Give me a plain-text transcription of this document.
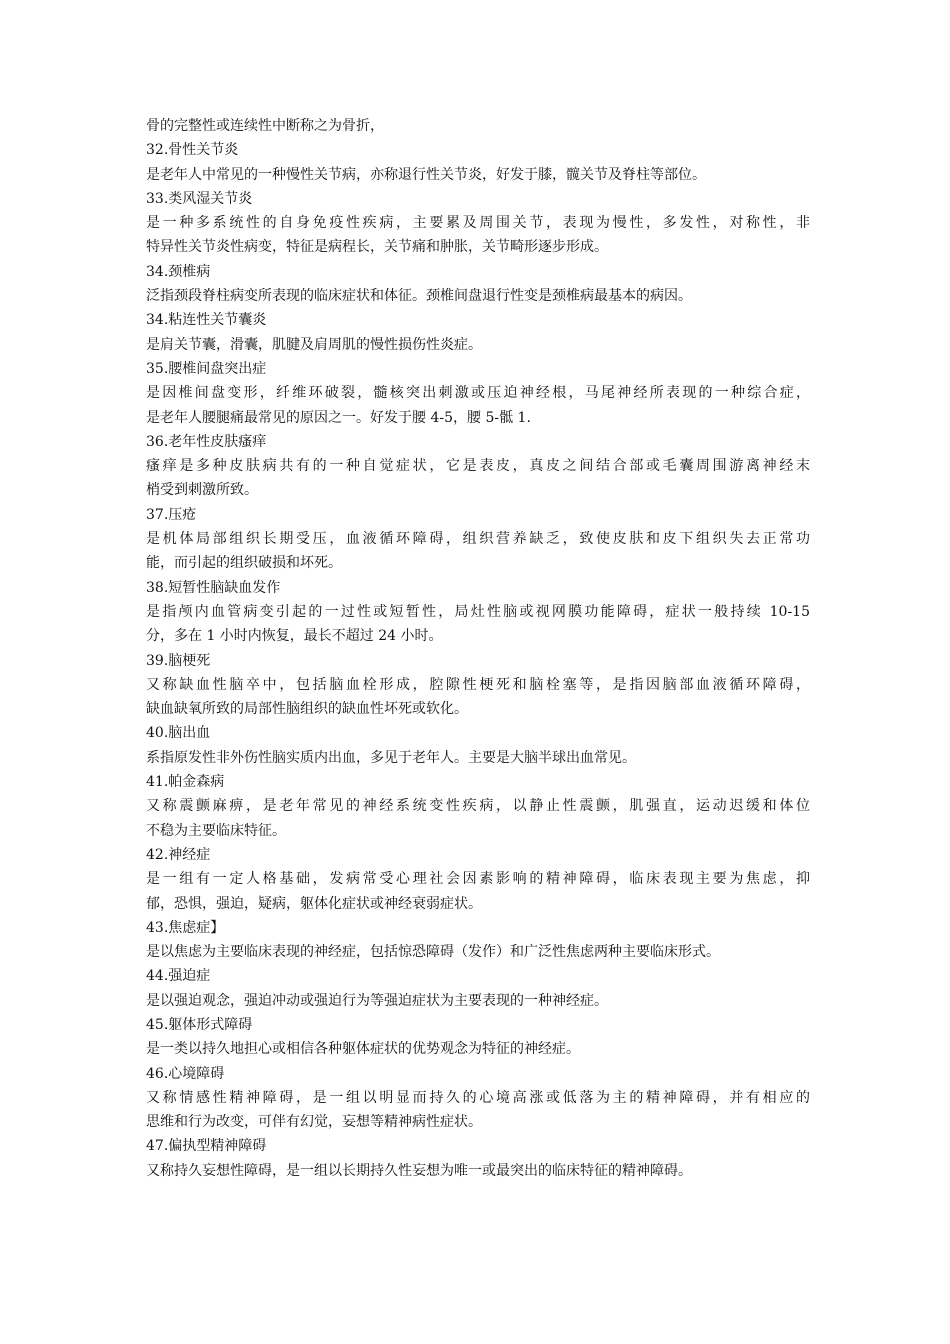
骨的完整性或连续性中断称之为骨折，
32.骨性关节炎
是老年人中常见的一种慢性关节病，亦称退行性关节炎，好发于膝，髋关节及脊柱等部位。
33.类风湿关节炎
是一种多系统性的自身免疫性疾病，主要累及周围关节，表现为慢性，多发性，对称性，非
特异性关节炎性病变，特征是病程长，关节痛和肿胀，关节畸形逐步形成。
34.颈椎病
泛指颈段脊柱病变所表现的临床症状和体征。颈椎间盘退行性变是颈椎病最基本的病因。
34.粘连性关节囊炎
是肩关节囊，滑囊，肌腱及肩周肌的慢性损伤性炎症。
35.腰椎间盘突出症
是因椎间盘变形，纤维环破裂，髓核突出刺激或压迫神经根，马尾神经所表现的一种综合症，
是老年人腰腿痛最常见的原因之一。好发于腰 4-5，腰 5-骶 1.
36.老年性皮肤瘙痒
瘙痒是多种皮肤病共有的一种自觉症状，它是表皮，真皮之间结合部或毛囊周围游离神经末
梢受到刺激所致。
37.压疮
是机体局部组织长期受压，血液循环障碍，组织营养缺乏，致使皮肤和皮下组织失去正常功
能，而引起的组织破损和坏死。
38.短暂性脑缺血发作
是指颅内血管病变引起的一过性或短暂性，局灶性脑或视网膜功能障碍，症状一般持续 10-15
分，多在 1 小时内恢复，最长不超过 24 小时。
39.脑梗死
又称缺血性脑卒中，包括脑血栓形成，腔隙性梗死和脑栓塞等，是指因脑部血液循环障碍，
缺血缺氧所致的局部性脑组织的缺血性坏死或软化。
40.脑出血
系指原发性非外伤性脑实质内出血，多见于老年人。主要是大脑半球出血常见。
41.帕金森病
又称震颤麻痹，是老年常见的神经系统变性疾病，以静止性震颤，肌强直，运动迟缓和体位
不稳为主要临床特征。
42.神经症
是一组有一定人格基础，发病常受心理社会因素影响的精神障碍，临床表现主要为焦虑，抑
郁，恐惧，强迫，疑病，躯体化症状或神经衰弱症状。
43.焦虑症】
是以焦虑为主要临床表现的神经症，包括惊恐障碍（发作）和广泛性焦虑两种主要临床形式。
44.强迫症
是以强迫观念，强迫冲动或强迫行为等强迫症状为主要表现的一种神经症。
45.躯体形式障碍
是一类以持久地担心或相信各种躯体症状的优势观念为特征的神经症。
46.心境障碍
又称情感性精神障碍，是一组以明显而持久的心境高涨或低落为主的精神障碍，并有相应的
思维和行为改变，可伴有幻觉，妄想等精神病性症状。
47.偏执型精神障碍
又称持久妄想性障碍，是一组以长期持久性妄想为唯一或最突出的临床特征的精神障碍。
